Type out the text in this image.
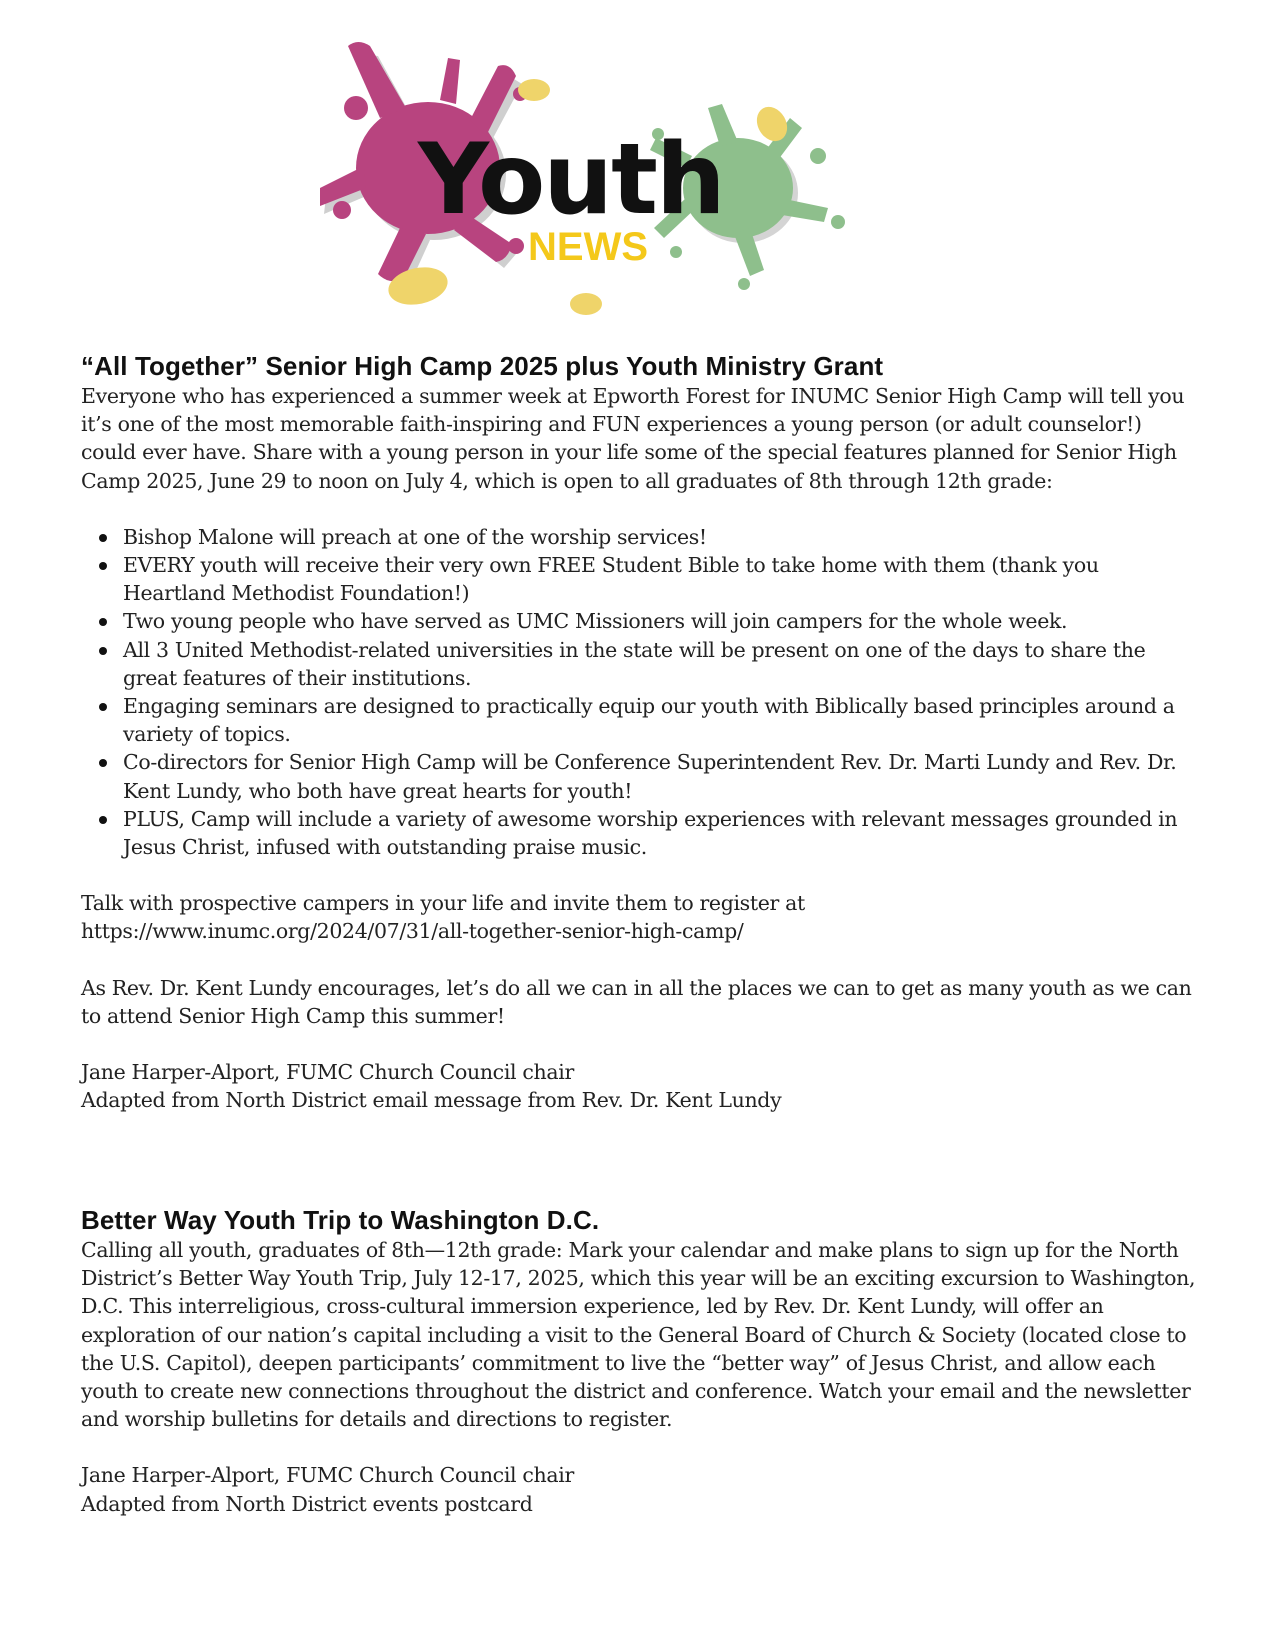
Youth
NEWS
“All Together” Senior High Camp 2025 plus Youth Ministry Grant

Everyone who has experienced a summer week at Epworth Forest for INUMC Senior High Camp will tell you it’s one of the most memorable faith-inspiring and FUN experiences a young person (or adult counselor!) could ever have. Share with a young person in your life some of the special features planned for Senior High Camp 2025, June 29 to noon on July 4, which is open to all graduates of 8th through 12th grade:

Bishop Malone will preach at one of the worship services!
EVERY youth will receive their very own FREE Student Bible to take home with them (thank you Heartland Methodist Foundation!)
Two young people who have served as UMC Missioners will join campers for the whole week.
All 3 United Methodist-related universities in the state will be present on one of the days to share the great features of their institutions.
Engaging seminars are designed to practically equip our youth with Biblically based principles around a variety of topics.
Co-directors for Senior High Camp will be Conference Superintendent Rev. Dr. Marti Lundy and Rev. Dr. Kent Lundy, who both have great hearts for youth!
PLUS, Camp will include a variety of awesome worship experiences with relevant messages grounded in Jesus Christ, infused with outstanding praise music.

Talk with prospective campers in your life and invite them to register at

https://www.inumc.org/2024/07/31/all-together-senior-high-camp/

As Rev. Dr. Kent Lundy encourages, let’s do all we can in all the places we can to get as many youth as we can to attend Senior High Camp this summer!

Jane Harper-Alport, FUMC Church Council chair

Adapted from North District email message from Rev. Dr. Kent Lundy

Better Way Youth Trip to Washington D.C.

Calling all youth, graduates of 8th—12th grade: Mark your calendar and make plans to sign up for the North District’s Better Way Youth Trip, July 12-17, 2025, which this year will be an exciting excursion to Washington, D.C. This interreligious, cross-cultural immersion experience, led by Rev. Dr. Kent Lundy, will offer an exploration of our nation’s capital including a visit to the General Board of Church & Society (located close to the U.S. Capitol), deepen participants’ commitment to live the “better way” of Jesus Christ, and allow each youth to create new connections throughout the district and conference. Watch your email and the newsletter and worship bulletins for details and directions to register.

Jane Harper-Alport, FUMC Church Council chair

Adapted from North District events postcard
